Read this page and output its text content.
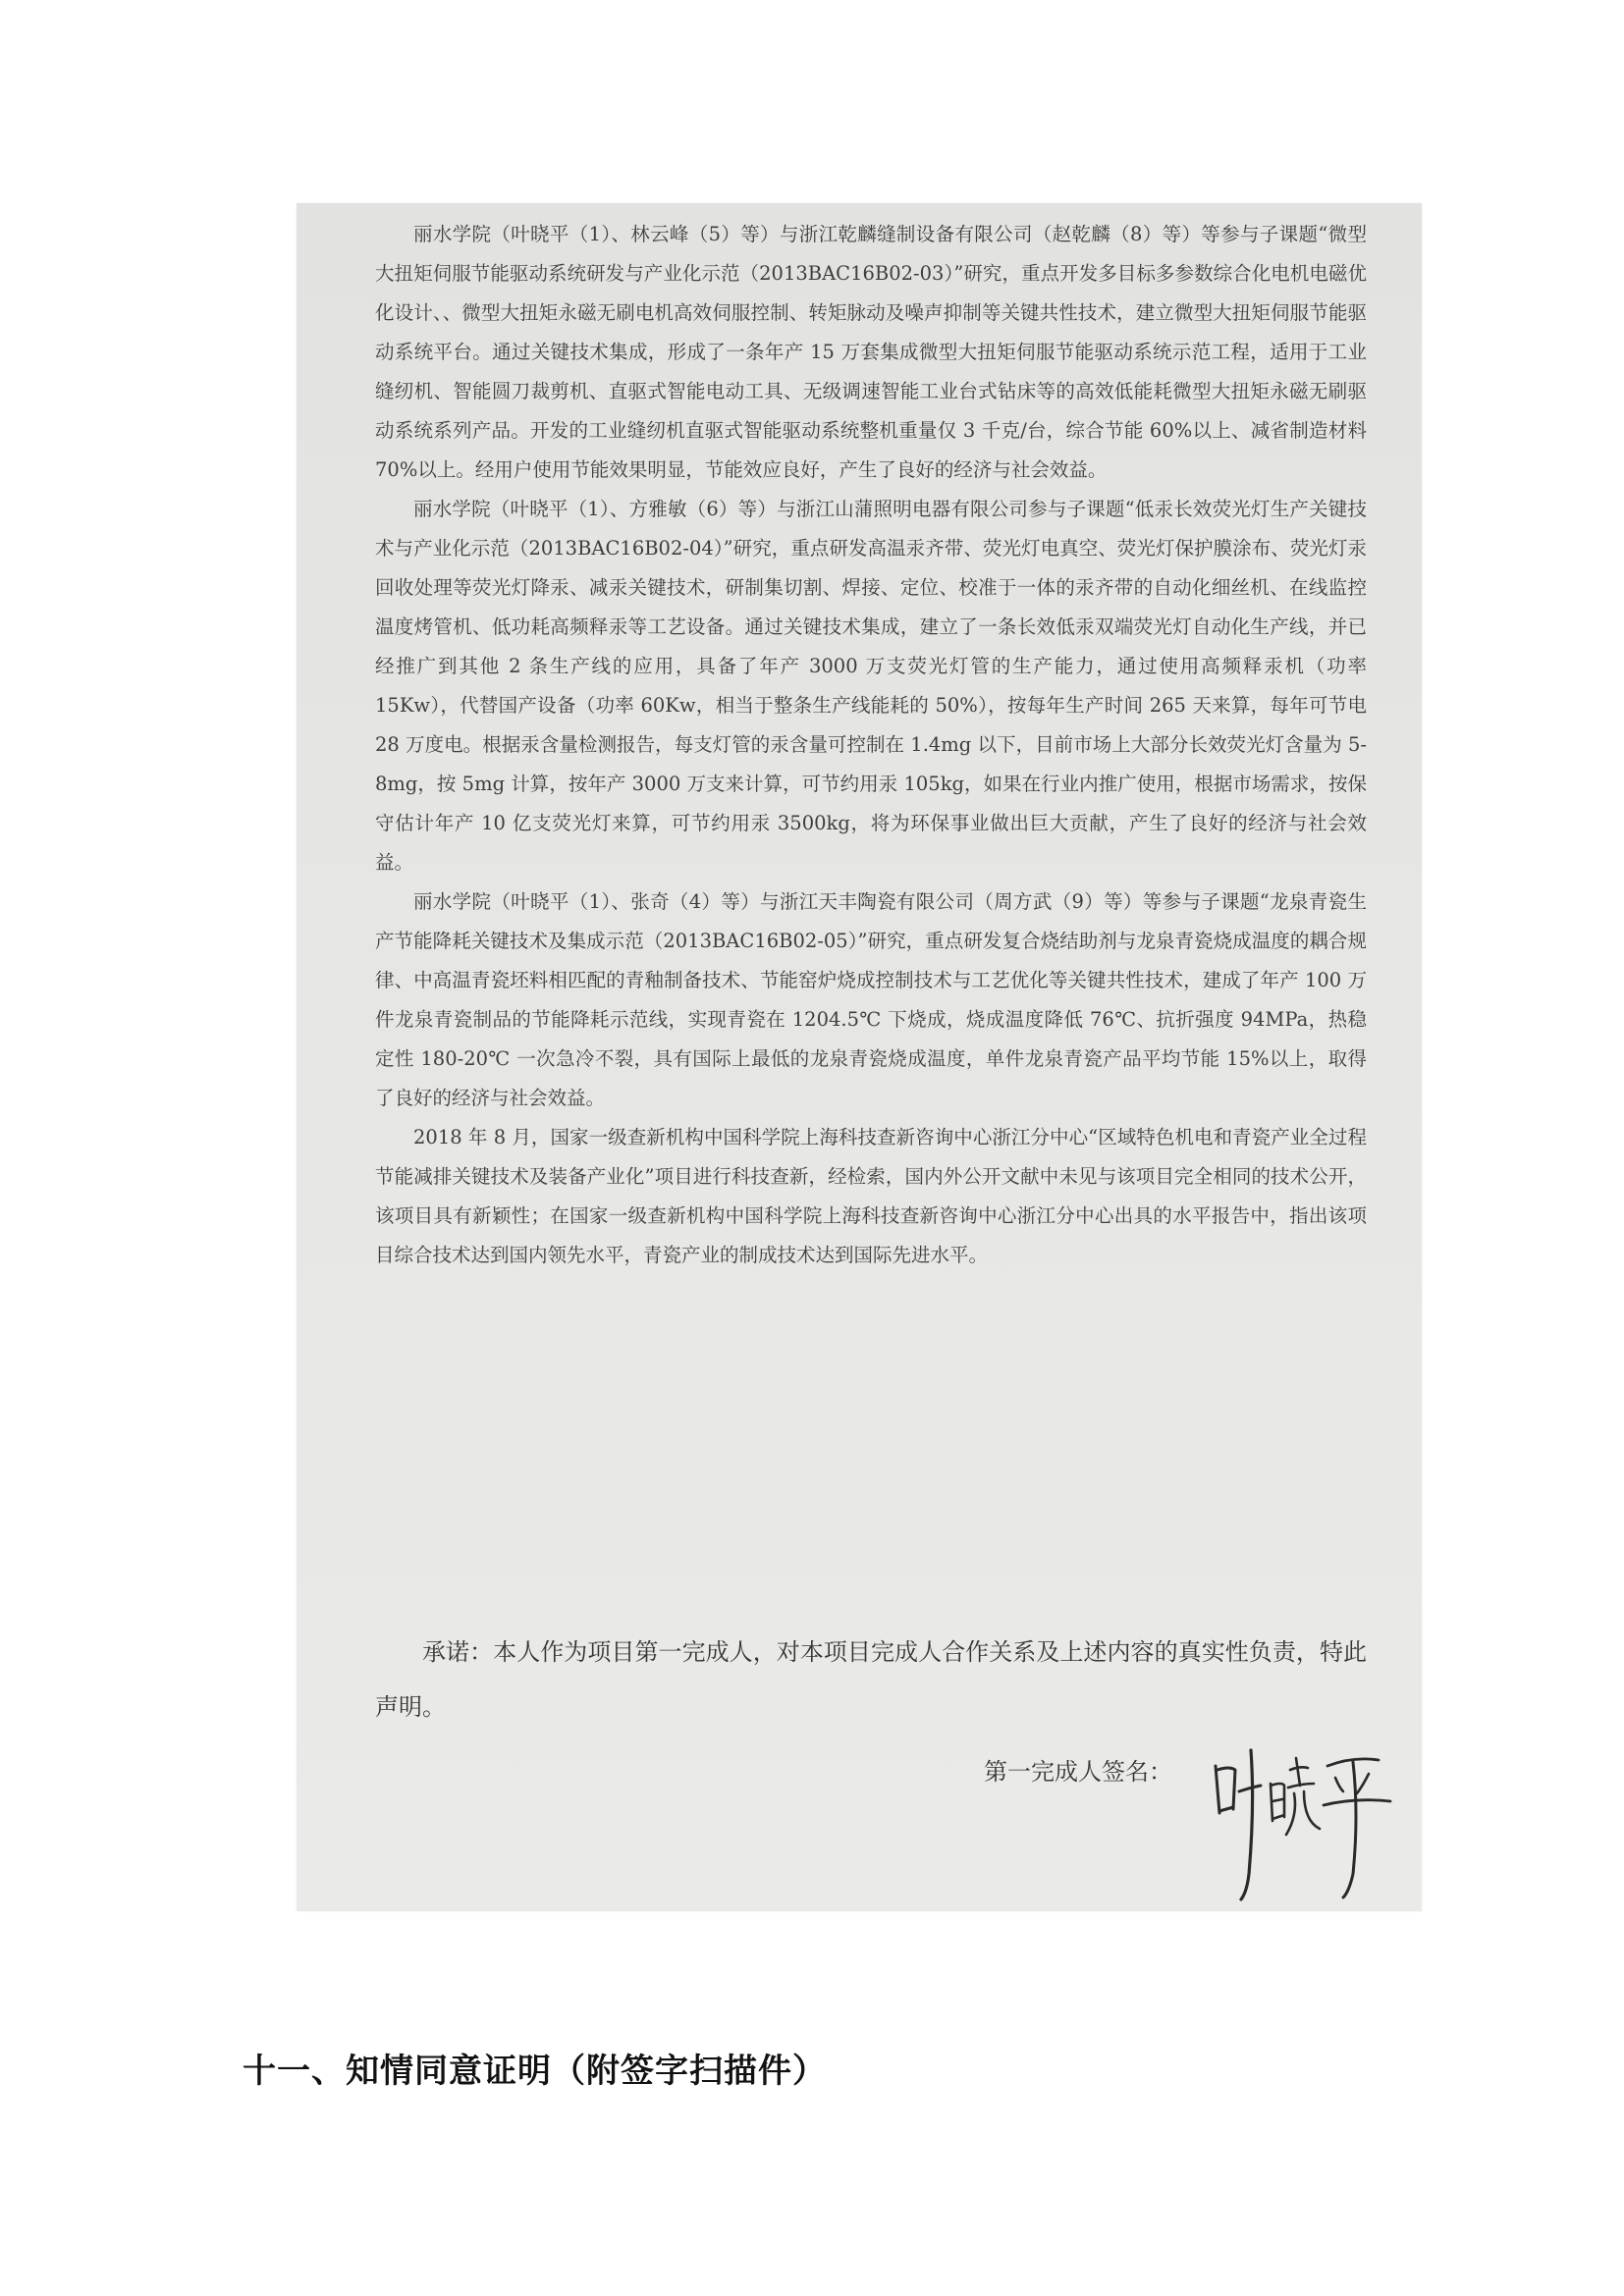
丽水学院（叶晓平（1）、林云峰（5）等）与浙江乾麟缝制设备有限公司（赵乾麟（8）等）等参与子课题“微型大扭矩伺服节能驱动系统研发与产业化示范（2013BAC16B02-03）”研究，重点开发多目标多参数综合化电机电磁优化设计、、微型大扭矩永磁无刷电机高效伺服控制、转矩脉动及噪声抑制等关键共性技术，建立微型大扭矩伺服节能驱动系统平台。通过关键技术集成，形成了一条年产 15 万套集成微型大扭矩伺服节能驱动系统示范工程，适用于工业缝纫机、智能圆刀裁剪机、直驱式智能电动工具、无级调速智能工业台式钻床等的高效低能耗微型大扭矩永磁无刷驱动系统系列产品。开发的工业缝纫机直驱式智能驱动系统整机重量仅 3 千克/台，综合节能 60%以上、减省制造材料 70%以上。经用户使用节能效果明显，节能效应良好，产生了良好的经济与社会效益。

丽水学院（叶晓平（1）、方雅敏（6）等）与浙江山蒲照明电器有限公司参与子课题“低汞长效荧光灯生产关键技术与产业化示范（2013BAC16B02-04）”研究，重点研发高温汞齐带、荧光灯电真空、荧光灯保护膜涂布、荧光灯汞回收处理等荧光灯降汞、减汞关键技术，研制集切割、焊接、定位、校准于一体的汞齐带的自动化细丝机、在线监控温度烤管机、低功耗高频释汞等工艺设备。通过关键技术集成，建立了一条长效低汞双端荧光灯自动化生产线，并已经推广到其他 2 条生产线的应用，具备了年产 3000 万支荧光灯管的生产能力，通过使用高频释汞机（功率 15Kw），代替国产设备（功率 60Kw，相当于整条生产线能耗的 50%），按每年生产时间 265 天来算，每年可节电 28 万度电。根据汞含量检测报告，每支灯管的汞含量可控制在 1.4mg 以下，目前市场上大部分长效荧光灯含量为 5-8mg，按 5mg 计算，按年产 3000 万支来计算，可节约用汞 105kg，如果在行业内推广使用，根据市场需求，按保守估计年产 10 亿支荧光灯来算，可节约用汞 3500kg，将为环保事业做出巨大贡献，产生了良好的经济与社会效益。

丽水学院（叶晓平（1）、张奇（4）等）与浙江天丰陶瓷有限公司（周方武（9）等）等参与子课题“龙泉青瓷生产节能降耗关键技术及集成示范（2013BAC16B02-05）”研究，重点研发复合烧结助剂与龙泉青瓷烧成温度的耦合规律、中高温青瓷坯料相匹配的青釉制备技术、节能窑炉烧成控制技术与工艺优化等关键共性技术，建成了年产 100 万件龙泉青瓷制品的节能降耗示范线，实现青瓷在 1204.5℃ 下烧成，烧成温度降低 76℃、抗折强度 94MPa，热稳定性 180-20℃ 一次急冷不裂，具有国际上最低的龙泉青瓷烧成温度，单件龙泉青瓷产品平均节能 15%以上，取得了良好的经济与社会效益。

2018 年 8 月，国家一级查新机构中国科学院上海科技查新咨询中心浙江分中心“区域特色机电和青瓷产业全过程节能减排关键技术及装备产业化”项目进行科技查新，经检索，国内外公开文献中未见与该项目完全相同的技术公开，该项目具有新颖性；在国家一级查新机构中国科学院上海科技查新咨询中心浙江分中心出具的水平报告中，指出该项目综合技术达到国内领先水平，青瓷产业的制成技术达到国际先进水平。

承诺：本人作为项目第一完成人，对本项目完成人合作关系及上述内容的真实性负责，特此声明。
第一完成人签名：
十一、知情同意证明（附签字扫描件）
